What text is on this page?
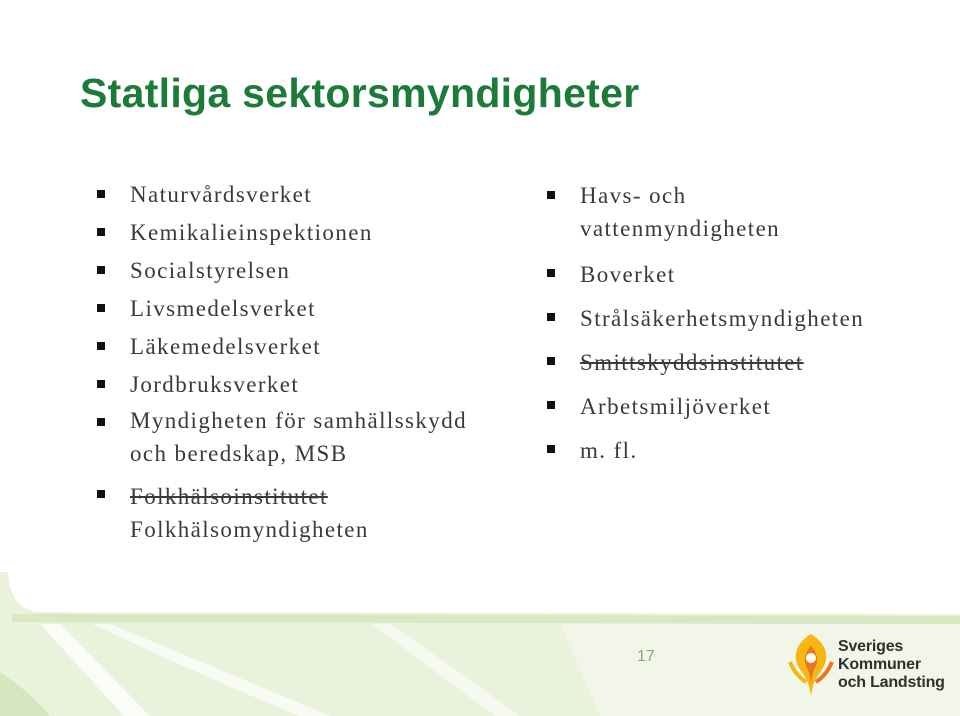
Statliga sektorsmyndigheter
Naturvårdsverket
Kemikalieinspektionen
Socialstyrelsen
Livsmedelsverket
Läkemedelsverket
Jordbruksverket
Myndigheten för samhällsskydd
och beredskap, MSB
Folkhälsoinstitutet
Folkhälsomyndigheten
Havs- och
vattenmyndigheten
Boverket
Strålsäkerhetsmyndigheten
Smittskyddsinstitutet
Arbetsmiljöverket
m. fl.
17
Sveriges
Kommuner
och Landsting
